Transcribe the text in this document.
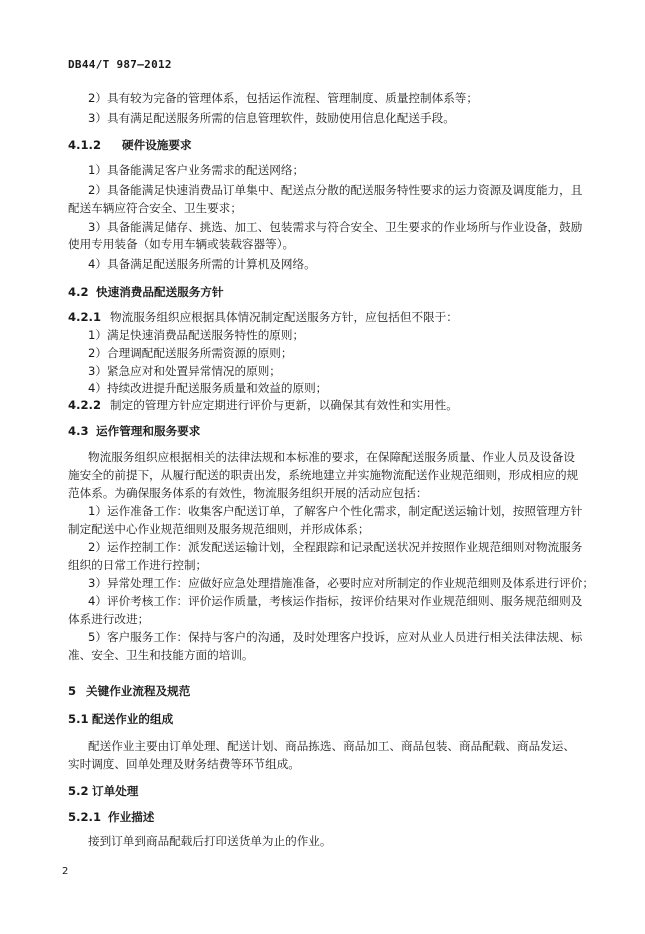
DB44/T 987—2012
2）具有较为完备的管理体系，包括运作流程、管理制度、质量控制体系等；
3）具有满足配送服务所需的信息管理软件，鼓励使用信息化配送手段。
4.1.2 硬件设施要求
1）具备能满足客户业务需求的配送网络；
2）具备能满足快速消费品订单集中、配送点分散的配送服务特性要求的运力资源及调度能力，且
配送车辆应符合安全、卫生要求；
3）具备能满足储存、挑选、加工、包装需求与符合安全、卫生要求的作业场所与作业设备，鼓励
使用专用装备（如专用车辆或装载容器等）。
4）具备满足配送服务所需的计算机及网络。
4.2 快速消费品配送服务方针
4.2.1 物流服务组织应根据具体情况制定配送服务方针，应包括但不限于：
1）满足快速消费品配送服务特性的原则；
2）合理调配配送服务所需资源的原则；
3）紧急应对和处置异常情况的原则；
4）持续改进提升配送服务质量和效益的原则；
4.2.2 制定的管理方针应定期进行评价与更新，以确保其有效性和实用性。
4.3 运作管理和服务要求
物流服务组织应根据相关的法律法规和本标准的要求，在保障配送服务质量、作业人员及设备设
施安全的前提下，从履行配送的职责出发，系统地建立并实施物流配送作业规范细则，形成相应的规
范体系。为确保服务体系的有效性，物流服务组织开展的活动应包括：
1）运作准备工作：收集客户配送订单，了解客户个性化需求，制定配送运输计划，按照管理方针
制定配送中心作业规范细则及服务规范细则，并形成体系；
2）运作控制工作：派发配送运输计划，全程跟踪和记录配送状况并按照作业规范细则对物流服务
组织的日常工作进行控制；
3）异常处理工作：应做好应急处理措施准备，必要时应对所制定的作业规范细则及体系进行评价；
4）评价考核工作：评价运作质量，考核运作指标，按评价结果对作业规范细则、服务规范细则及
体系进行改进；
5）客户服务工作：保持与客户的沟通，及时处理客户投诉，应对从业人员进行相关法律法规、标
准、安全、卫生和技能方面的培训。
5 关键作业流程及规范
5.1 配送作业的组成
配送作业主要由订单处理、配送计划、商品拣选、商品加工、商品包装、商品配载、商品发运、
实时调度、回单处理及财务结费等环节组成。
5.2 订单处理
5.2.1 作业描述
接到订单到商品配载后打印送货单为止的作业。
2
